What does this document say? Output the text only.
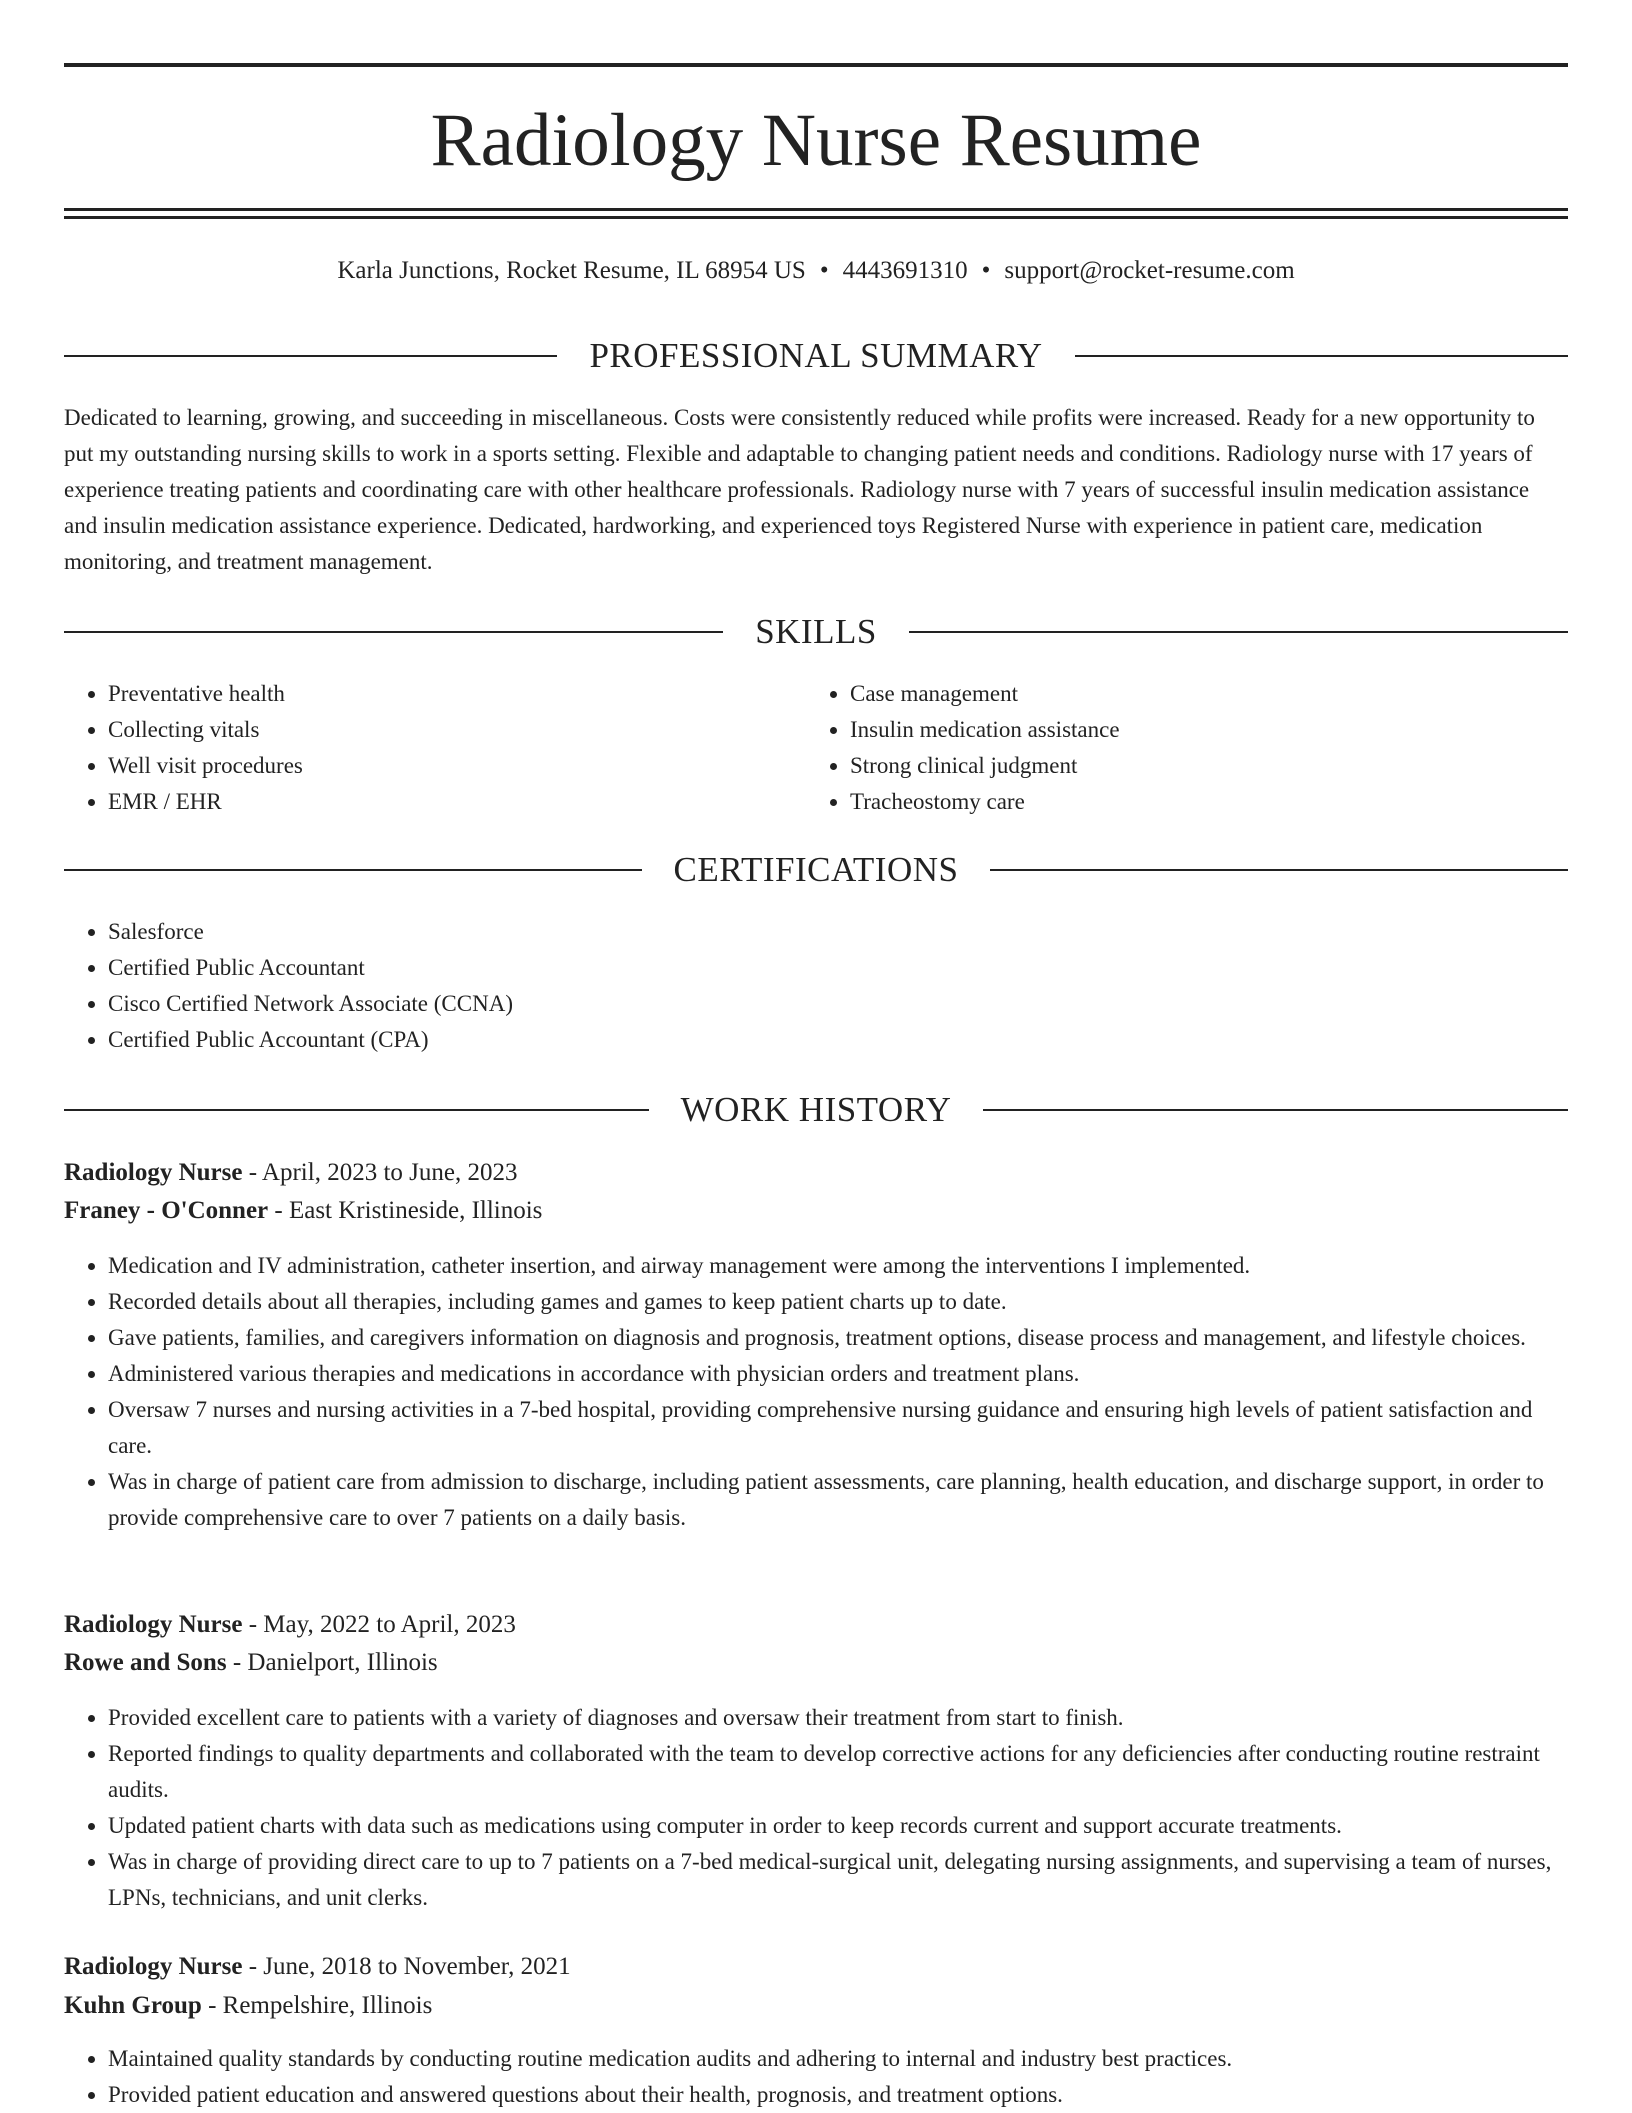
Radiology Nurse Resume
Karla Junctions, Rocket Resume, IL 68954 US • 4443691310 • support@rocket-resume.com
PROFESSIONAL SUMMARY

Dedicated to learning, growing, and succeeding in miscellaneous. Costs were consistently reduced while profits were increased. Ready for a new opportunity to put my outstanding nursing skills to work in a sports setting. Flexible and adaptable to changing patient needs and conditions. Radiology nurse with 17 years of experience treating patients and coordinating care with other healthcare professionals. Radiology nurse with 7 years of successful insulin medication assistance and insulin medication assistance experience. Dedicated, hardworking, and experienced toys Registered Nurse with experience in patient care, medication monitoring, and treatment management.

SKILLS
• Preventative health
• Collecting vitals
• Well visit procedures
• EMR / EHR
• Case management
• Insulin medication assistance
• Strong clinical judgment
• Tracheostomy care
CERTIFICATIONS
• Salesforce
• Certified Public Accountant
• Cisco Certified Network Associate (CCNA)
• Certified Public Accountant (CPA)
WORK HISTORY
Radiology Nurse - April, 2023 to June, 2023
Franey - O'Conner - East Kristineside, Illinois
• Medication and IV administration, catheter insertion, and airway management were among the interventions I implemented.
• Recorded details about all therapies, including games and games to keep patient charts up to date.
• Gave patients, families, and caregivers information on diagnosis and prognosis, treatment options, disease process and management, and lifestyle choices.
• Administered various therapies and medications in accordance with physician orders and treatment plans.
• Oversaw 7 nurses and nursing activities in a 7-bed hospital, providing comprehensive nursing guidance and ensuring high levels of patient satisfaction and care.
• Was in charge of patient care from admission to discharge, including patient assessments, care planning, health education, and discharge support, in order to provide comprehensive care to over 7 patients on a daily basis.
Radiology Nurse - May, 2022 to April, 2023
Rowe and Sons - Danielport, Illinois
• Provided excellent care to patients with a variety of diagnoses and oversaw their treatment from start to finish.
• Reported findings to quality departments and collaborated with the team to develop corrective actions for any deficiencies after conducting routine restraint audits.
• Updated patient charts with data such as medications using computer in order to keep records current and support accurate treatments.
• Was in charge of providing direct care to up to 7 patients on a 7-bed medical-surgical unit, delegating nursing assignments, and supervising a team of nurses, LPNs, technicians, and unit clerks.
Radiology Nurse - June, 2018 to November, 2021
Kuhn Group - Rempelshire, Illinois
• Maintained quality standards by conducting routine medication audits and adhering to internal and industry best practices.
• Provided patient education and answered questions about their health, prognosis, and treatment options.
